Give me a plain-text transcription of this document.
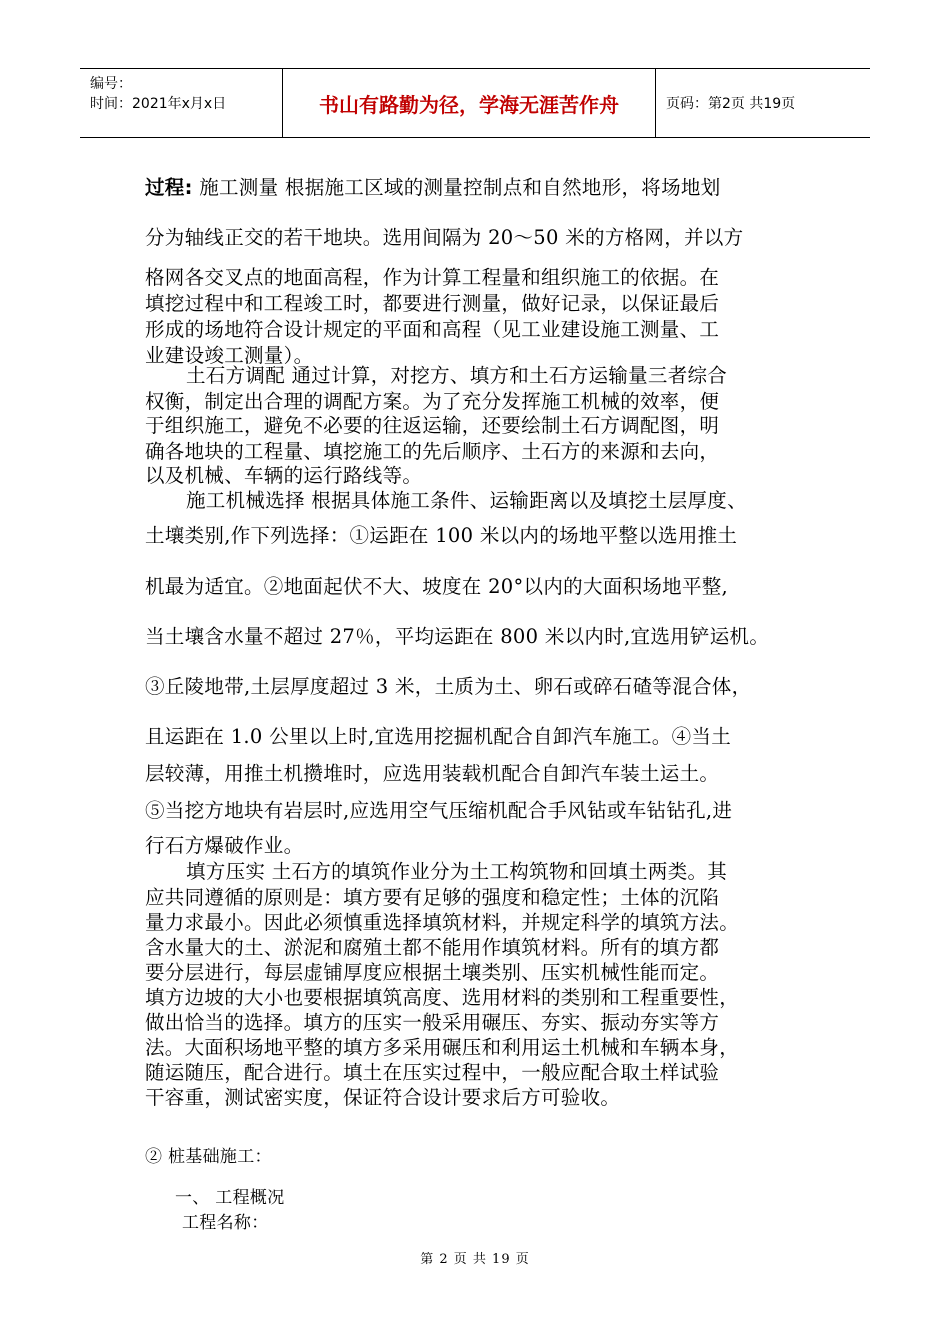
编号：
时间：2021年x月x日	书山有路勤为径，学海无涯苦作舟	页码：第2页 共19页
过程: 施工测量 根据施工区域的测量控制点和自然地形，将场地划
分为轴线正交的若干地块。选用间隔为 20～50 米的方格网，并以方
格网各交叉点的地面高程，作为计算工程量和组织施工的依据。在
填挖过程中和工程竣工时，都要进行测量，做好记录，以保证最后
形成的场地符合设计规定的平面和高程（见工业建设施工测量、工
业建设竣工测量）。
土石方调配 通过计算，对挖方、填方和土石方运输量三者综合
权衡，制定出合理的调配方案。为了充分发挥施工机械的效率，便
于组织施工，避免不必要的往返运输，还要绘制土石方调配图，明
确各地块的工程量、填挖施工的先后顺序、土石方的来源和去向，
以及机械、车辆的运行路线等。
施工机械选择 根据具体施工条件、运输距离以及填挖土层厚度、
土壤类别,作下列选择：①运距在 100 米以内的场地平整以选用推土
机最为适宜。②地面起伏不大、坡度在 20°以内的大面积场地平整,
当土壤含水量不超过 27％，平均运距在 800 米以内时,宜选用铲运机。
③丘陵地带,土层厚度超过 3 米，土质为土、卵石或碎石碴等混合体，
且运距在 1.0 公里以上时,宜选用挖掘机配合自卸汽车施工。④当土
层较薄，用推土机攒堆时，应选用装载机配合自卸汽车装土运土。
⑤当挖方地块有岩层时,应选用空气压缩机配合手风钻或车钻钻孔,进
行石方爆破作业。
填方压实 土石方的填筑作业分为土工构筑物和回填土两类。其
应共同遵循的原则是：填方要有足够的强度和稳定性；土体的沉陷
量力求最小。因此必须慎重选择填筑材料，并规定科学的填筑方法。
含水量大的土、淤泥和腐殖土都不能用作填筑材料。所有的填方都
要分层进行，每层虚铺厚度应根据土壤类别、压实机械性能而定。
填方边坡的大小也要根据填筑高度、选用材料的类别和工程重要性，
做出恰当的选择。填方的压实一般采用碾压、夯实、振动夯实等方
法。大面积场地平整的填方多采用碾压和利用运土机械和车辆本身，
随运随压，配合进行。填土在压实过程中，一般应配合取土样试验
干容重，测试密实度，保证符合设计要求后方可验收。
② 桩基础施工：
一、 工程概况
工程名称：
第 2 页 共 19 页
